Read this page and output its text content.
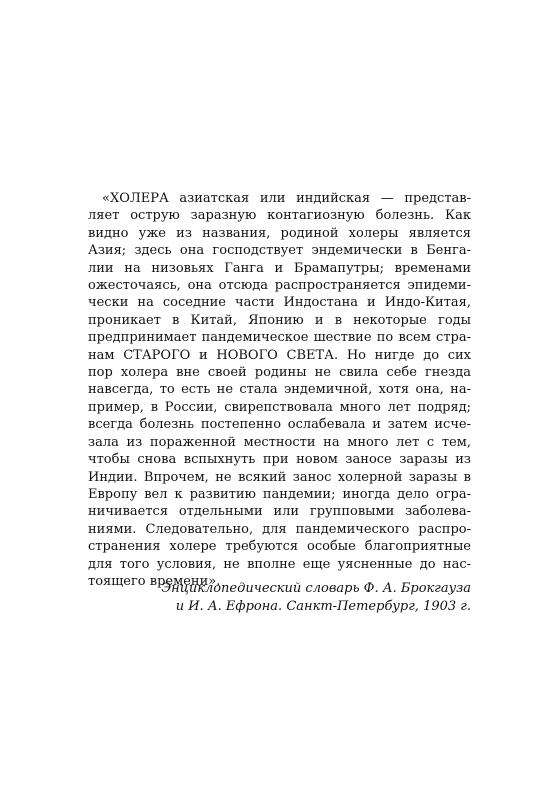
«ХОЛЕРА азиатская или индийская — представ-
ляет острую заразную контагиозную болезнь. Как
видно уже из названия, родиной холеры является
Азия; здесь она господствует эндемически в Бенга-
лии на низовьях Ганга и Брамапутры; временами
ожесточаясь, она отсюда распространяется эпидеми-
чески на соседние части Индостана и Индо-Китая,
проникает в Китай, Японию и в некоторые годы
предпринимает пандемическое шествие по всем стра-
нам СТАРОГО и НОВОГО СВЕТА. Но нигде до сих
пор холера вне своей родины не свила себе гнезда
навсегда, то есть не стала эндемичной, хотя она, на-
пример, в России, свирепствовала много лет подряд;
всегда болезнь постепенно ослабевала и затем исче-
зала из пораженной местности на много лет с тем,
чтобы снова вспыхнуть при новом заносе заразы из
Индии. Впрочем, не всякий занос холерной заразы в
Европу вел к развитию пандемии; иногда дело огра-
ничивается отдельными или групповыми заболева-
ниями. Следовательно, для пандемического распро-
странения холере требуются особые благоприятные
для того условия, не вполне еще уясненные до нас-
тоящего времени».
Энциклопедический словарь Ф. А. Брокгауза
и И. А. Ефрона. Санкт-Петербург, 1903 г.
